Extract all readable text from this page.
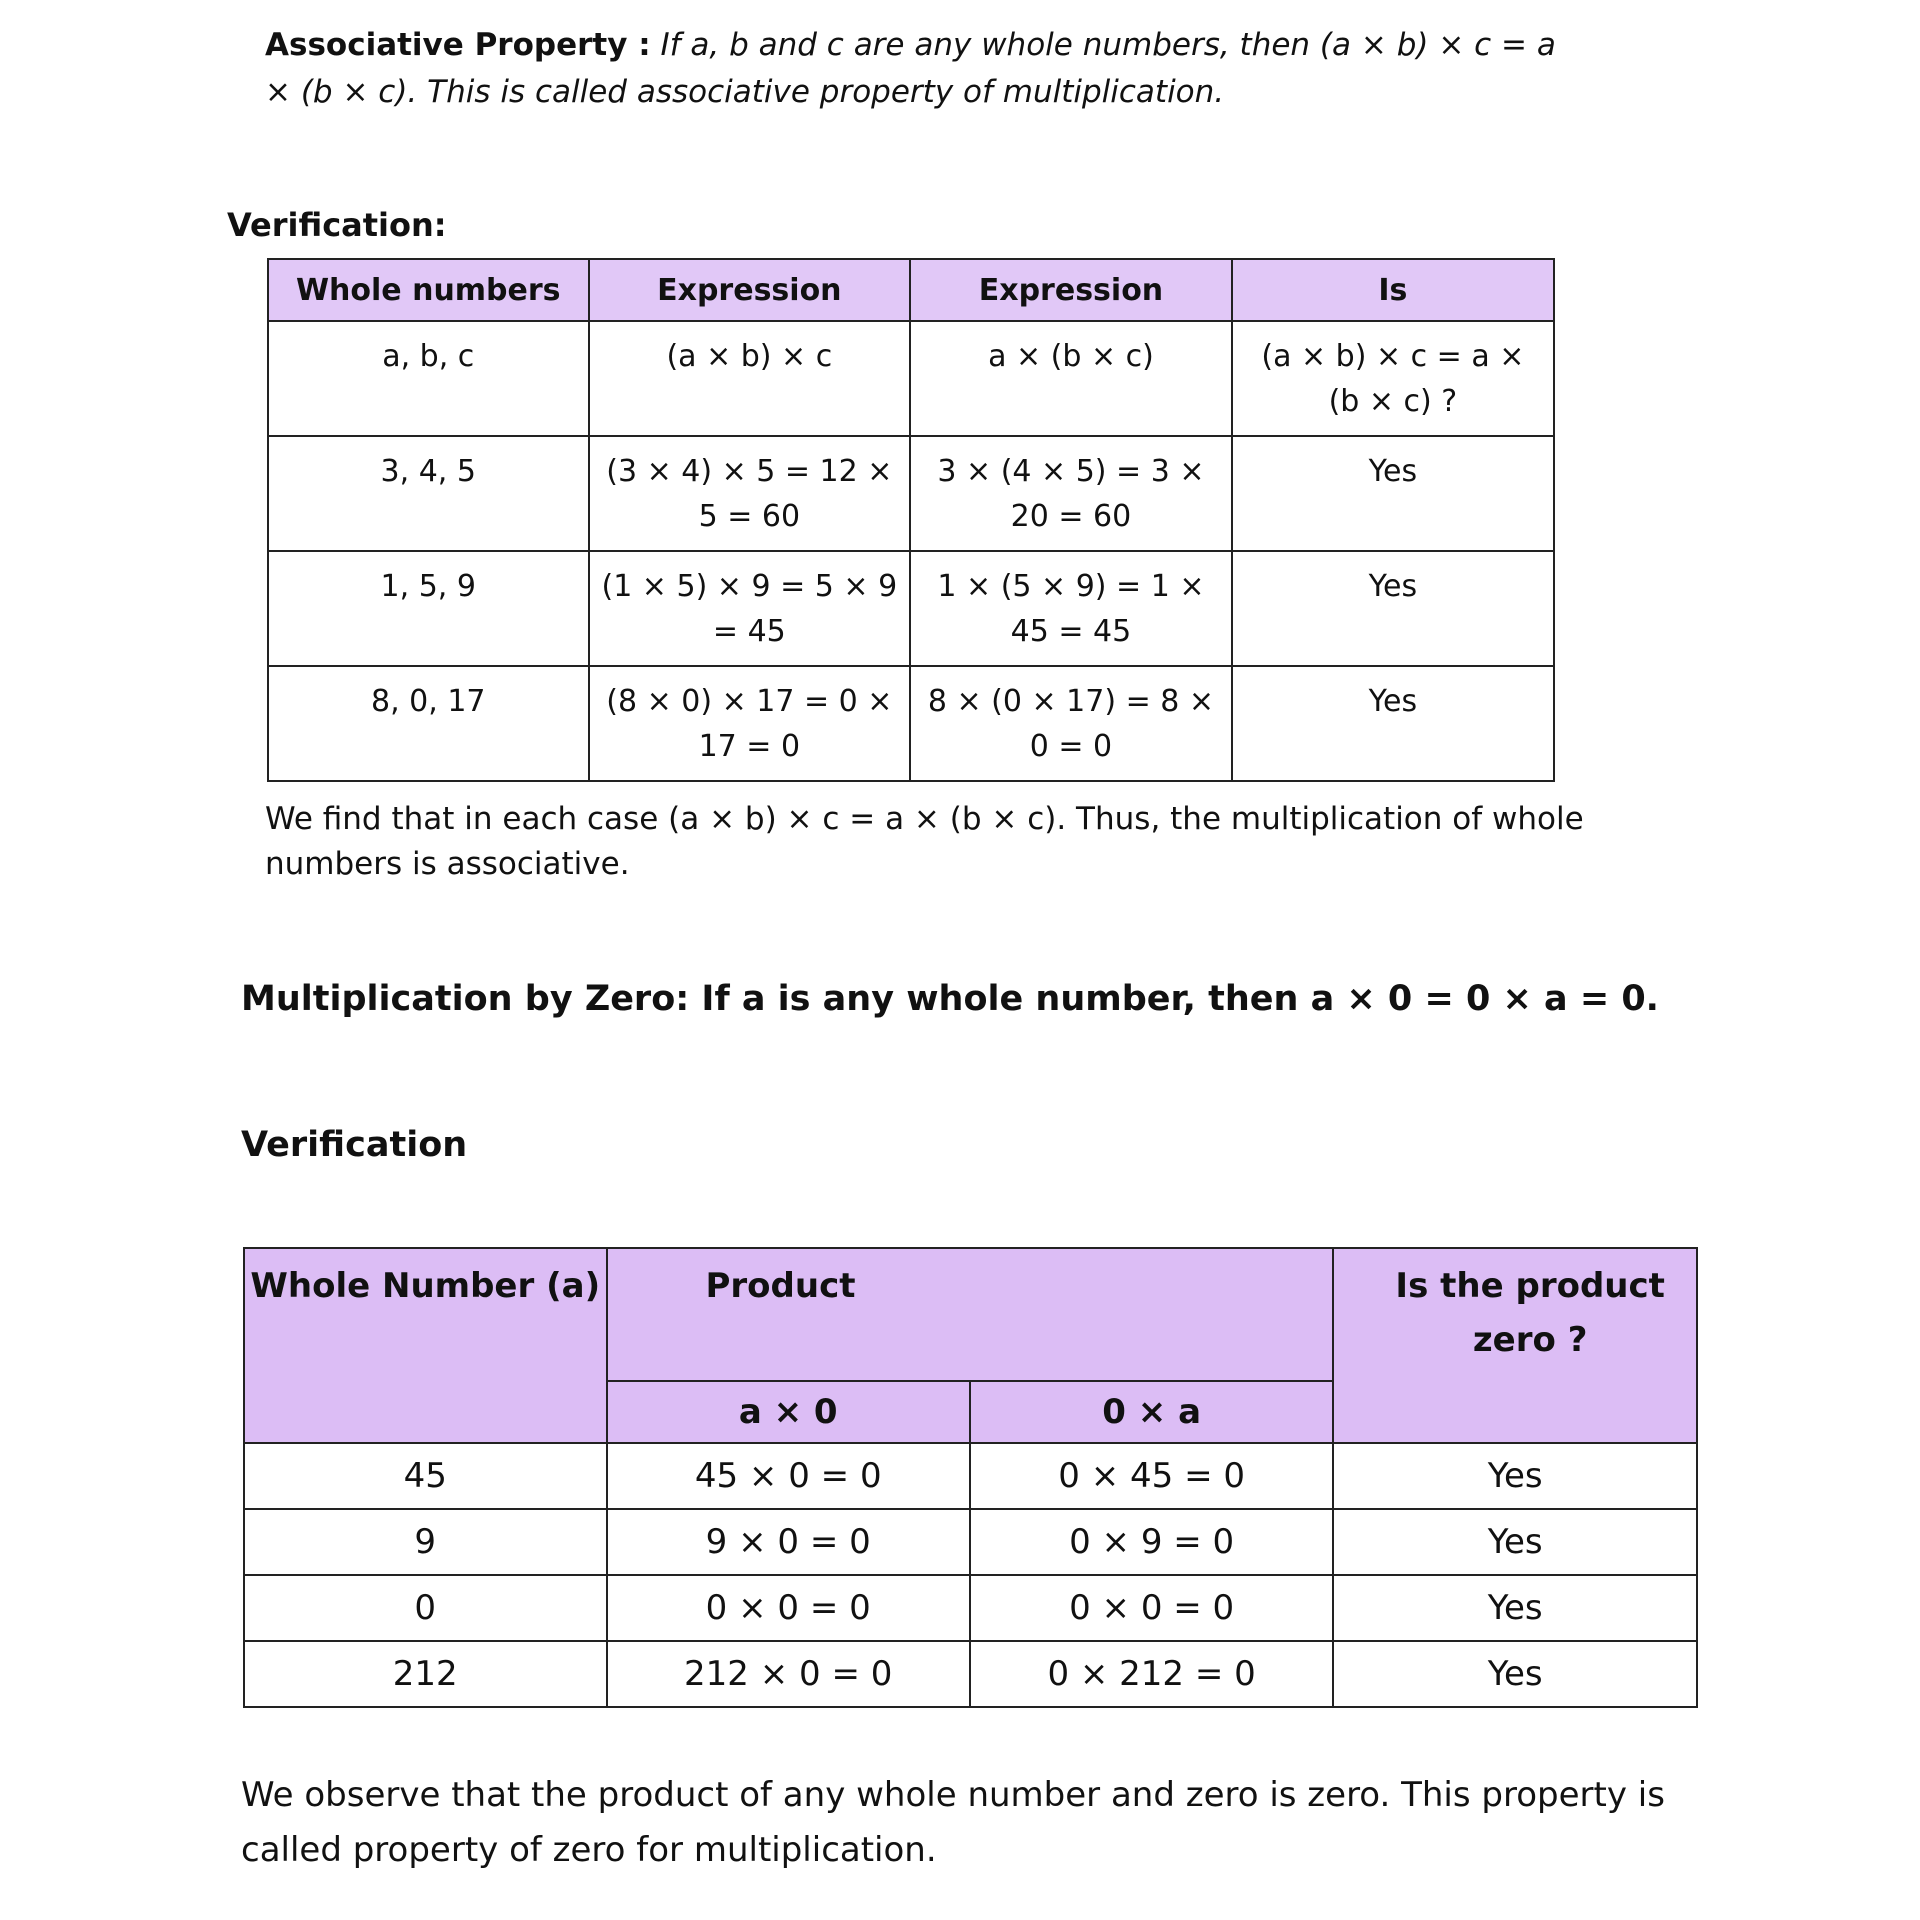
Associative Property : If a, b and c are any whole numbers, then (a × b) × c = a × (b × c). This is called associative property of multiplication.
Verification:
Whole numbers	Expression	Expression	Is
a, b, c	(a × b) × c	a × (b × c)	(a × b) × c = a × (b × c) ?
3, 4, 5	(3 × 4) × 5 = 12 × 5 = 60	3 × (4 × 5) = 3 × 20 = 60	Yes
1, 5, 9	(1 × 5) × 9 = 5 × 9 = 45	1 × (5 × 9) = 1 × 45 = 45	Yes
8, 0, 17	(8 × 0) × 17 = 0 × 17 = 0	8 × (0 × 17) = 8 × 0 = 0	Yes
We find that in each case (a × b) × c = a × (b × c). Thus, the multiplication of whole numbers is associative.
Multiplication by Zero: If a is any whole number, then a × 0 = 0 × a = 0.
Verification
Whole Number (a)	Product		Is the product zero ?
	a × 0	0 × a	
45	45 × 0 = 0	0 × 45 = 0	Yes
9	9 × 0 = 0	0 × 9 = 0	Yes
0	0 × 0 = 0	0 × 0 = 0	Yes
212	212 × 0 = 0	0 × 212 = 0	Yes
We observe that the product of any whole number and zero is zero. This property is called property of zero for multiplication.
